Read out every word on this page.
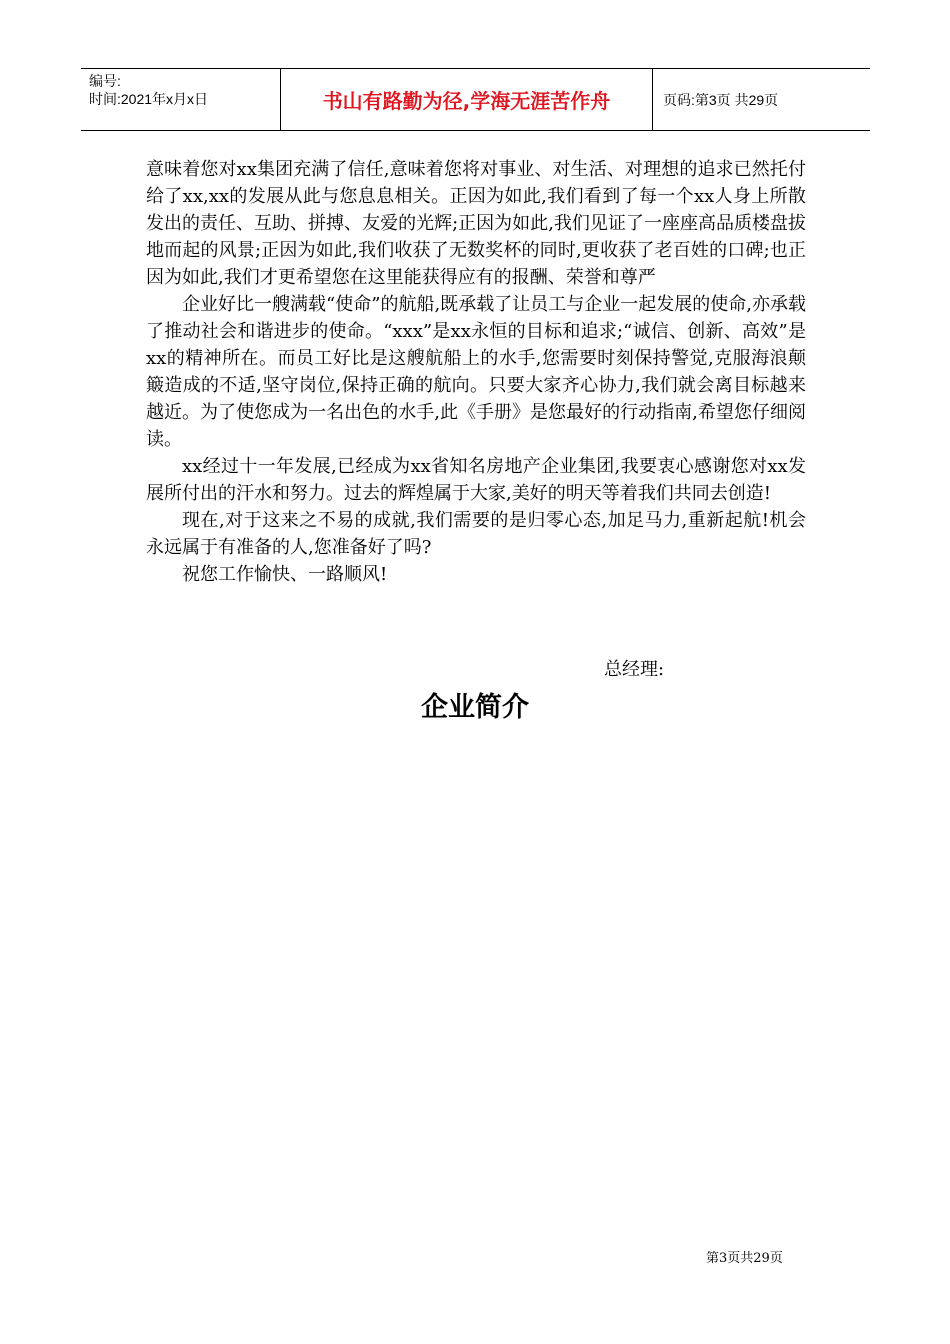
编号:
时间:2021年x月x日	书山有路勤为径,学海无涯苦作舟	页码:第3页 共29页

意味着您对xx集团充满了信任,意味着您将对事业、对生活、对理想的追求已然托付给了xx,xx的发展从此与您息息相关。正因为如此,我们看到了每一个xx人身上所散发出的责任、互助、拼搏、友爱的光辉;正因为如此,我们见证了一座座高品质楼盘拔地而起的风景;正因为如此,我们收获了无数奖杯的同时,更收获了老百姓的口碑;也正因为如此,我们才更希望您在这里能获得应有的报酬、荣誉和尊严

企业好比一艘满载“使命”的航船,既承载了让员工与企业一起发展的使命,亦承载了推动社会和谐进步的使命。“xxx”是xx永恒的目标和追求;“诚信、创新、高效”是xx的精神所在。而员工好比是这艘航船上的水手,您需要时刻保持警觉,克服海浪颠簸造成的不适,坚守岗位,保持正确的航向。只要大家齐心协力,我们就会离目标越来越近。为了使您成为一名出色的水手,此《手册》是您最好的行动指南,希望您仔细阅读。

xx经过十一年发展,已经成为xx省知名房地产企业集团,我要衷心感谢您对xx发展所付出的汗水和努力。过去的辉煌属于大家,美好的明天等着我们共同去创造!

现在,对于这来之不易的成就,我们需要的是归零心态,加足马力,重新起航!机会永远属于有准备的人,您准备好了吗?

祝您工作愉快、一路顺风!

总经理:
企业简介
第3页共29页
